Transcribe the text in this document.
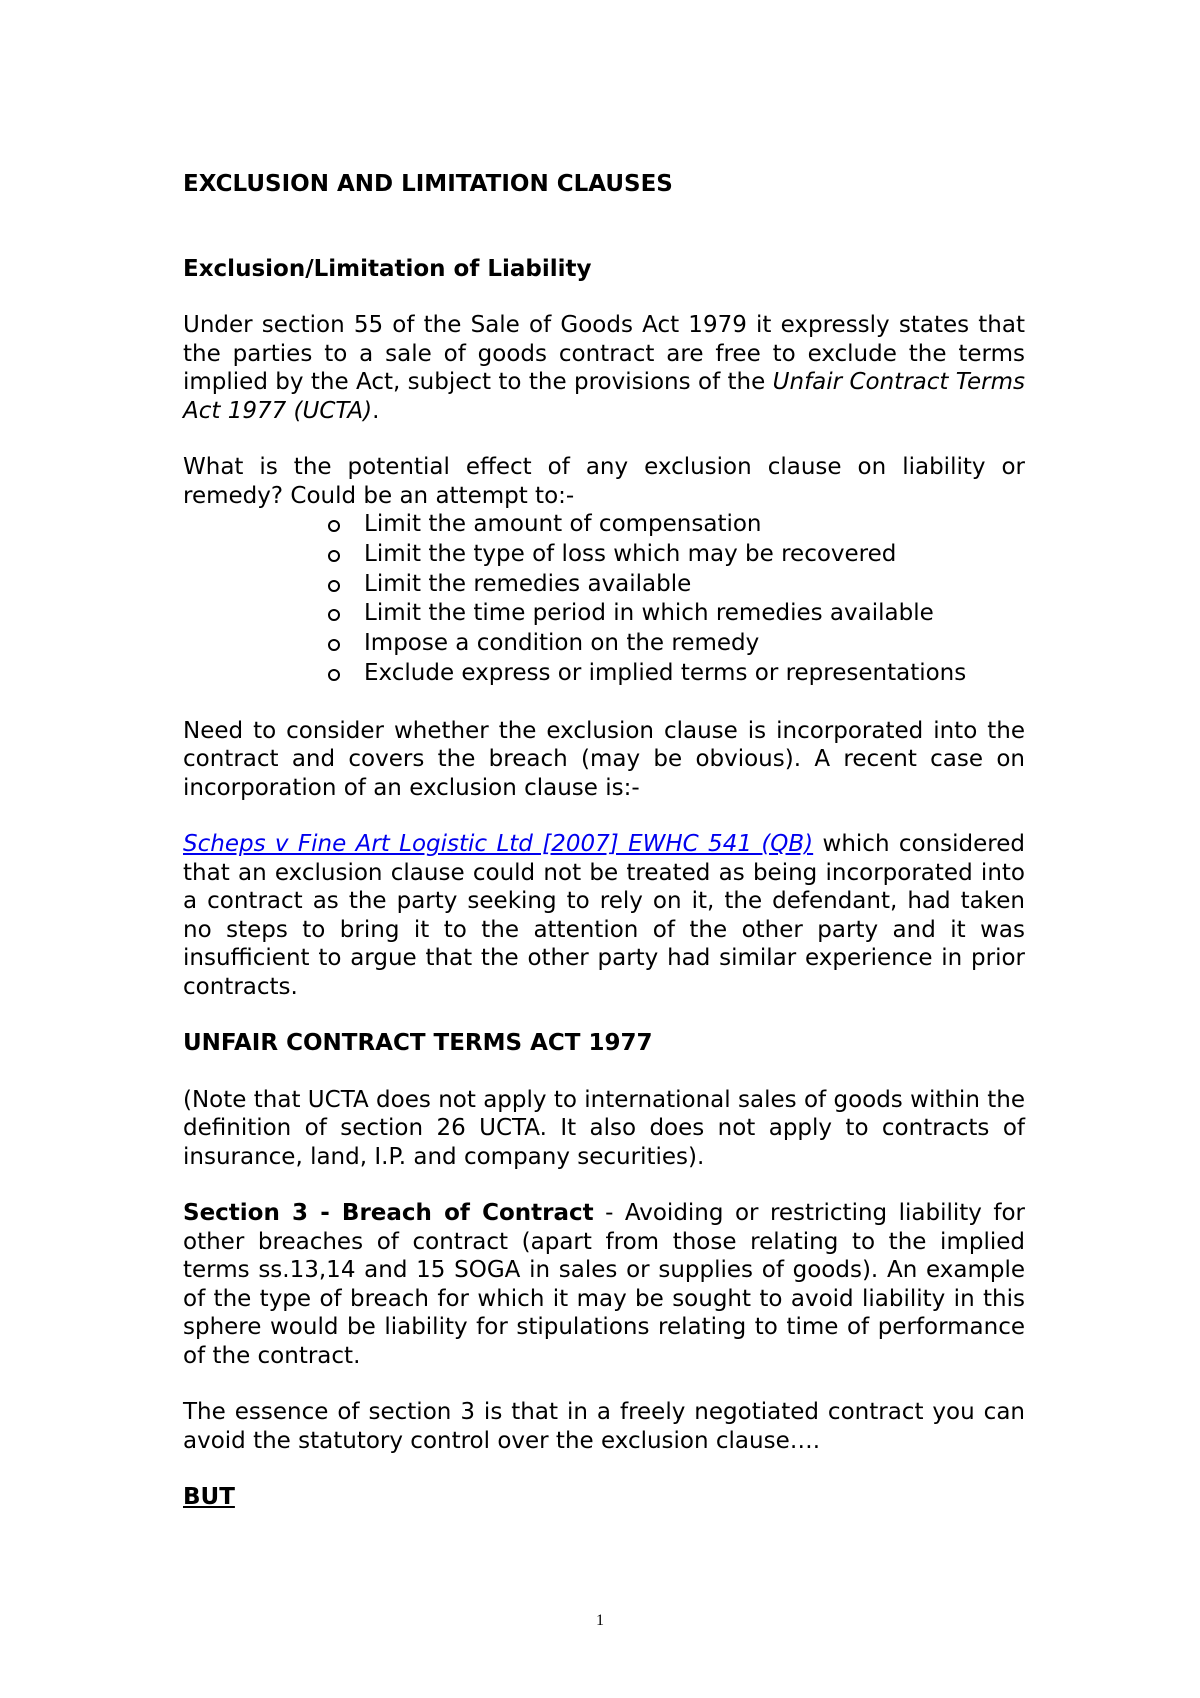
EXCLUSION AND LIMITATION CLAUSES

Exclusion/Limitation of Liability

Under section 55 of the Sale of Goods Act 1979 it expressly states that the parties to a sale of goods contract are free to exclude the terms implied by the Act, subject to the provisions of the Unfair Contract Terms Act 1977 (UCTA).

What is the potential effect of any exclusion clause on liability or remedy? Could be an attempt to:-

Limit the amount of compensation
Limit the type of loss which may be recovered
Limit the remedies available
Limit the time period in which remedies available
Impose a condition on the remedy
Exclude express or implied terms or representations

Need to consider whether the exclusion clause is incorporated into the contract and covers the breach (may be obvious). A recent case on incorporation of an exclusion clause is:-

Scheps v Fine Art Logistic Ltd [2007] EWHC 541 (QB) which considered that an exclusion clause could not be treated as being incorporated into a contract as the party seeking to rely on it, the defendant, had taken no steps to bring it to the attention of the other party and it was insufficient to argue that the other party had similar experience in prior contracts.

UNFAIR CONTRACT TERMS ACT 1977

(Note that UCTA does not apply to international sales of goods within the definition of section 26 UCTA. It also does not apply to contracts of insurance, land, I.P. and company securities).

Section 3 - Breach of Contract - Avoiding or restricting liability for other breaches of contract (apart from those relating to the implied terms ss.13,14 and 15 SOGA in sales or supplies of goods). An example of the type of breach for which it may be sought to avoid liability in this sphere would be liability for stipulations relating to time of performance of the contract.

The essence of section 3 is that in a freely negotiated contract you can avoid the statutory control over the exclusion clause….

BUT

1
